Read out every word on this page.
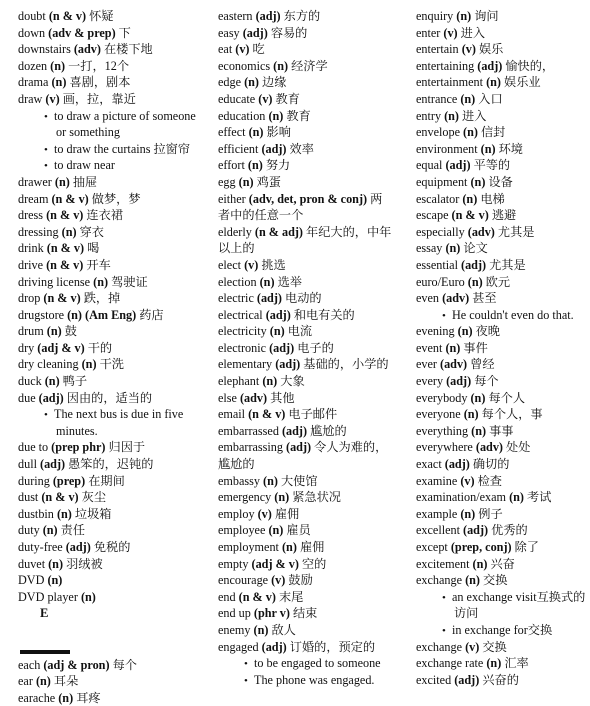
doubt (n & v) 怀疑
down (adv & prep) 下
downstairs (adv) 在楼下地
dozen (n) 一打，12个
drama (n) 喜剧，剧本
draw (v) 画，拉，靠近
• to draw a picture of someone
or something
• to draw the curtains 拉窗帘
• to draw near
drawer (n) 抽屉
dream (n & v) 做梦，梦
dress (n & v) 连衣裙
dressing (n) 穿衣
drink (n & v) 喝
drive (n & v) 开车
driving license (n) 驾驶证
drop (n & v) 跌，掉
drugstore (n) (Am Eng) 药店
drum (n) 鼓
dry (adj & v) 干的
dry cleaning (n) 干洗
duck (n) 鸭子
due (adj) 因由的，适当的
• The next bus is due in five
minutes.
due to (prep phr) 归因于
dull (adj) 愚笨的，迟钝的
during (prep) 在期间
dust (n & v) 灰尘
dustbin (n) 垃圾箱
duty (n) 责任
duty-free (adj) 免税的
duvet (n) 羽绒被
DVD (n)
DVD player (n)
E
each (adj & pron) 每个
ear (n) 耳朵
earache (n) 耳疼
eastern (adj) 东方的
easy (adj) 容易的
eat (v) 吃
economics (n) 经济学
edge (n) 边缘
educate (v) 教育
education (n) 教育
effect (n) 影响
efficient (adj) 效率
effort (n) 努力
egg (n) 鸡蛋
either (adv, det, pron & conj) 两
者中的任意一个
elderly (n & adj) 年纪大的，中年
以上的
elect (v) 挑选
election (n) 选举
electric (adj) 电动的
electrical (adj) 和电有关的
electricity (n) 电流
electronic (adj) 电子的
elementary (adj) 基础的，小学的
elephant (n) 大象
else (adv) 其他
email (n & v) 电子邮件
embarrassed (adj) 尴尬的
embarrassing (adj) 令人为难的，
尴尬的
embassy (n) 大使馆
emergency (n) 紧急状况
employ (v) 雇佣
employee (n) 雇员
employment (n) 雇佣
empty (adj & v) 空的
encourage (v) 鼓励
end (n & v) 末尾
end up (phr v) 结束
enemy (n) 敌人
engaged (adj) 订婚的，预定的
• to be engaged to someone
• The phone was engaged.
enquiry (n) 询问
enter (v) 进入
entertain (v) 娱乐
entertaining (adj) 愉快的，
entertainment (n) 娱乐业
entrance (n) 入口
entry (n) 进入
envelope (n) 信封
environment (n) 环境
equal (adj) 平等的
equipment (n) 设备
escalator (n) 电梯
escape (n & v) 逃避
especially (adv) 尤其是
essay (n) 论文
essential (adj) 尤其是
euro/Euro (n) 欧元
even (adv) 甚至
• He couldn't even do that.
evening (n) 夜晚
event (n) 事件
ever (adv) 曾经
every (adj) 每个
everybody (n) 每个人
everyone (n) 每个人，事
everything (n) 事事
everywhere (adv) 处处
exact (adj) 确切的
examine (v) 检查
examination/exam (n) 考试
example (n) 例子
excellent (adj) 优秀的
except (prep, conj) 除了
excitement (n) 兴奋
exchange (n) 交换
• an exchange visit互换式的
访问
• in exchange for交换
exchange (v) 交换
exchange rate (n) 汇率
excited (adj) 兴奋的
